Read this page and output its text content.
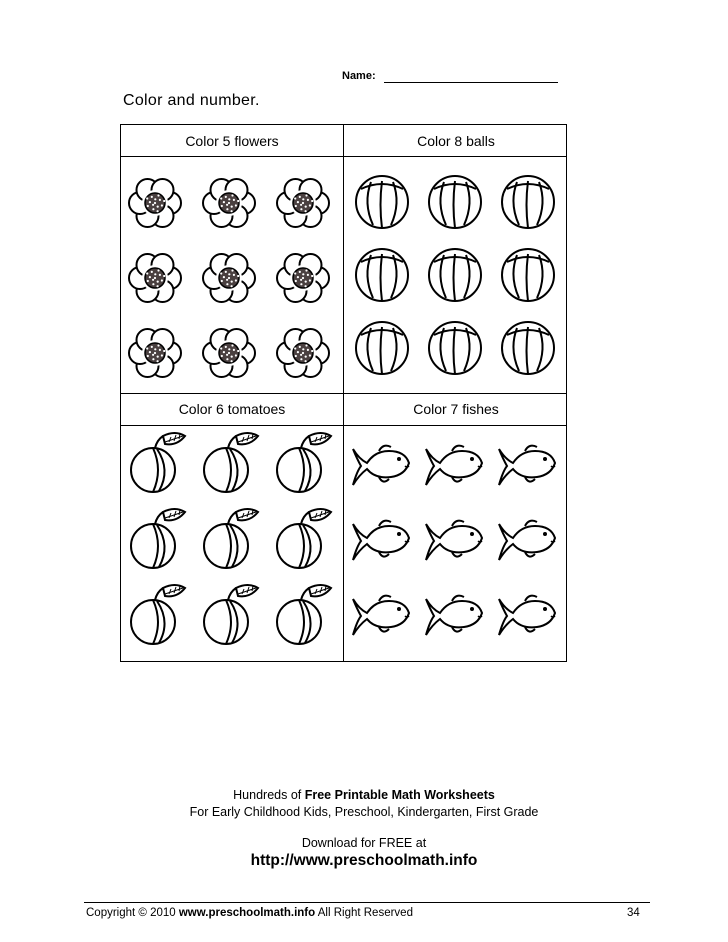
Name:
Color and number.
Color 5 flowers	Color 8 balls
Color 6 tomatoes	Color 7 fishes
Hundreds of Free Printable Math Worksheets
For Early Childhood Kids, Preschool, Kindergarten, First Grade
Download for FREE at
http://www.preschoolmath.info
Copyright © 2010 www.preschoolmath.info All Right Reserved	34
